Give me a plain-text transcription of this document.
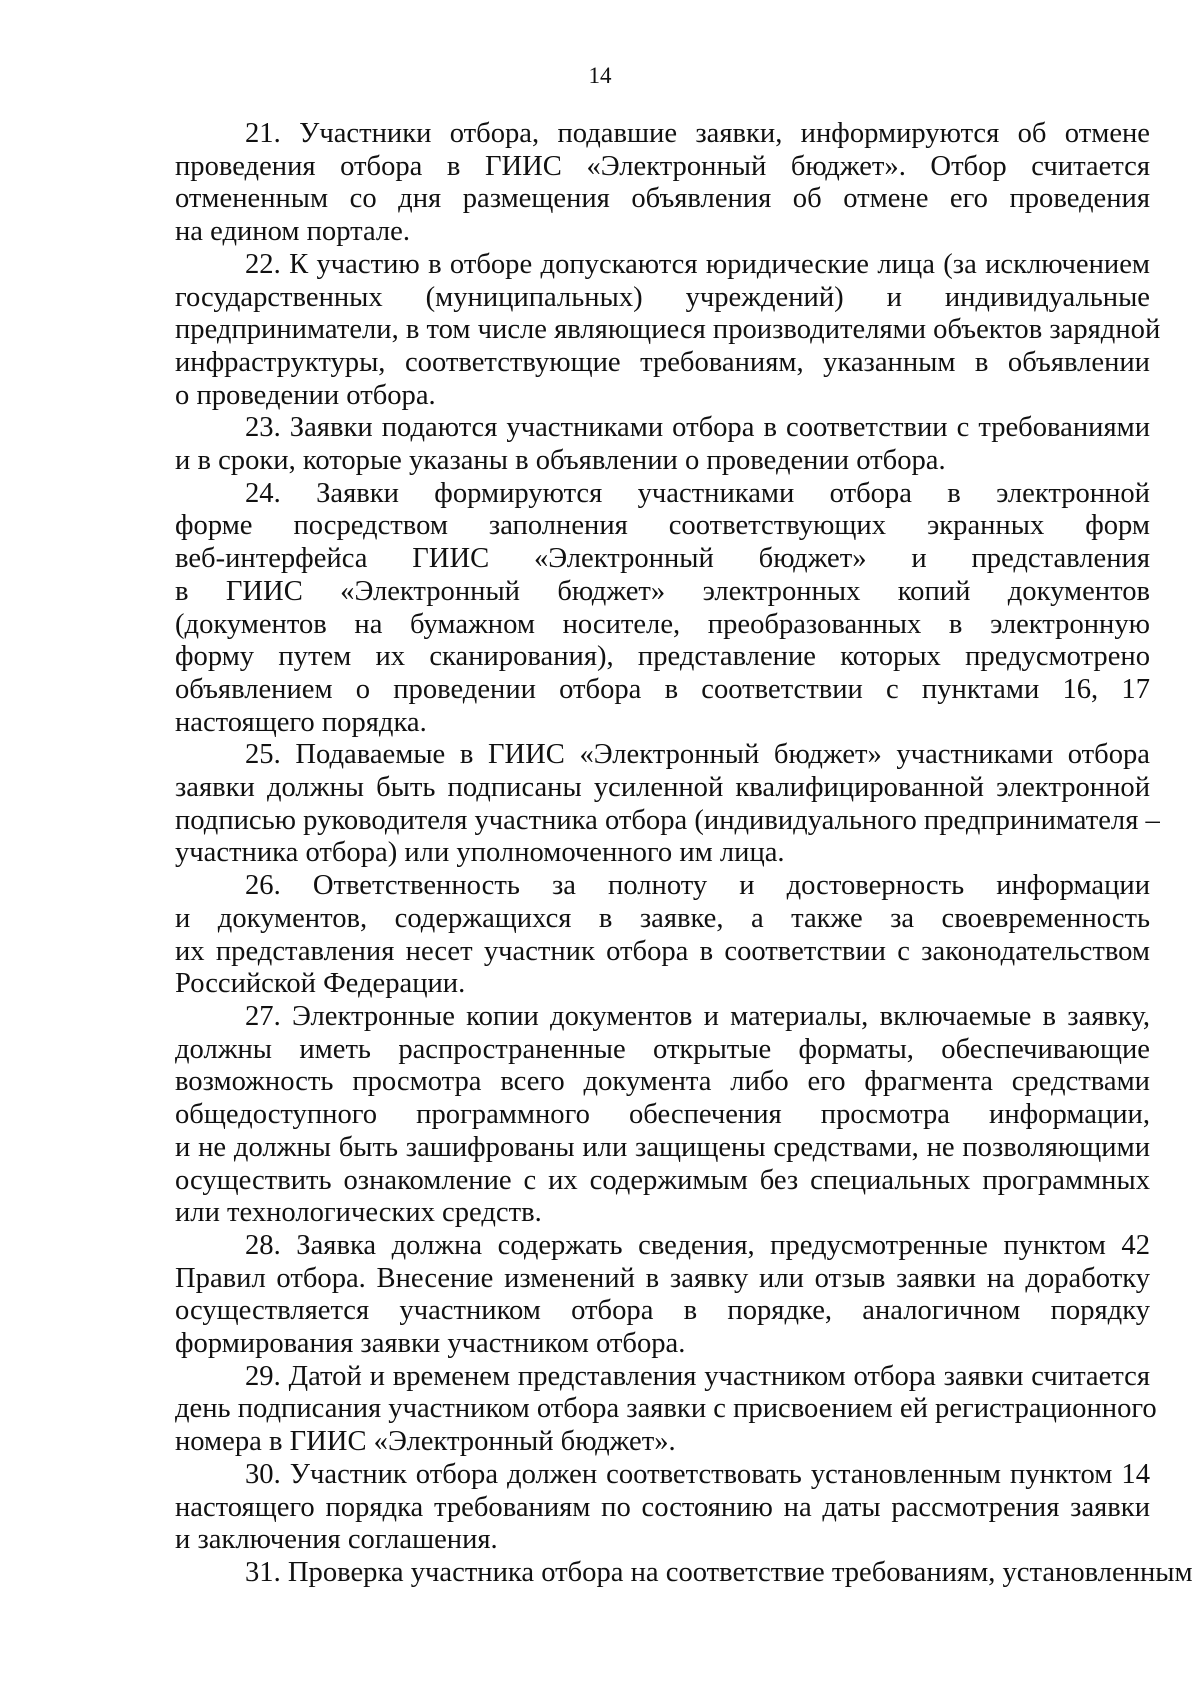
14
21. Участники отбора, подавшие заявки, информируются об отмене
проведения отбора в ГИИС «Электронный бюджет». Отбор считается
отмененным со дня размещения объявления об отмене его проведения
на едином портале.
22. К участию в отборе допускаются юридические лица (за исключением
государственных (муниципальных) учреждений) и индивидуальные
предприниматели, в том числе являющиеся производителями объектов зарядной
инфраструктуры, соответствующие требованиям, указанным в объявлении
о проведении отбора.
23. Заявки подаются участниками отбора в соответствии с требованиями
и в сроки, которые указаны в объявлении о проведении отбора.
24. Заявки формируются участниками отбора в электронной
форме посредством заполнения соответствующих экранных форм
веб-интерфейса ГИИС «Электронный бюджет» и представления
в ГИИС «Электронный бюджет» электронных копий документов
(документов на бумажном носителе, преобразованных в электронную
форму путем их сканирования), представление которых предусмотрено
объявлением о проведении отбора в соответствии с пунктами 16, 17
настоящего порядка.
25. Подаваемые в ГИИС «Электронный бюджет» участниками отбора
заявки должны быть подписаны усиленной квалифицированной электронной
подписью руководителя участника отбора (индивидуального предпринимателя –
участника отбора) или уполномоченного им лица.
26. Ответственность за полноту и достоверность информации
и документов, содержащихся в заявке, а также за своевременность
их представления несет участник отбора в соответствии с законодательством
Российской Федерации.
27. Электронные копии документов и материалы, включаемые в заявку,
должны иметь распространенные открытые форматы, обеспечивающие
возможность просмотра всего документа либо его фрагмента средствами
общедоступного программного обеспечения просмотра информации,
и не должны быть зашифрованы или защищены средствами, не позволяющими
осуществить ознакомление с их содержимым без специальных программных
или технологических средств.
28. Заявка должна содержать сведения, предусмотренные пунктом 42
Правил отбора. Внесение изменений в заявку или отзыв заявки на доработку
осуществляется участником отбора в порядке, аналогичном порядку
формирования заявки участником отбора.
29. Датой и временем представления участником отбора заявки считается
день подписания участником отбора заявки с присвоением ей регистрационного
номера в ГИИС «Электронный бюджет».
30. Участник отбора должен соответствовать установленным пунктом 14
настоящего порядка требованиям по состоянию на даты рассмотрения заявки
и заключения соглашения.
31. Проверка участника отбора на соответствие требованиям, установленным
